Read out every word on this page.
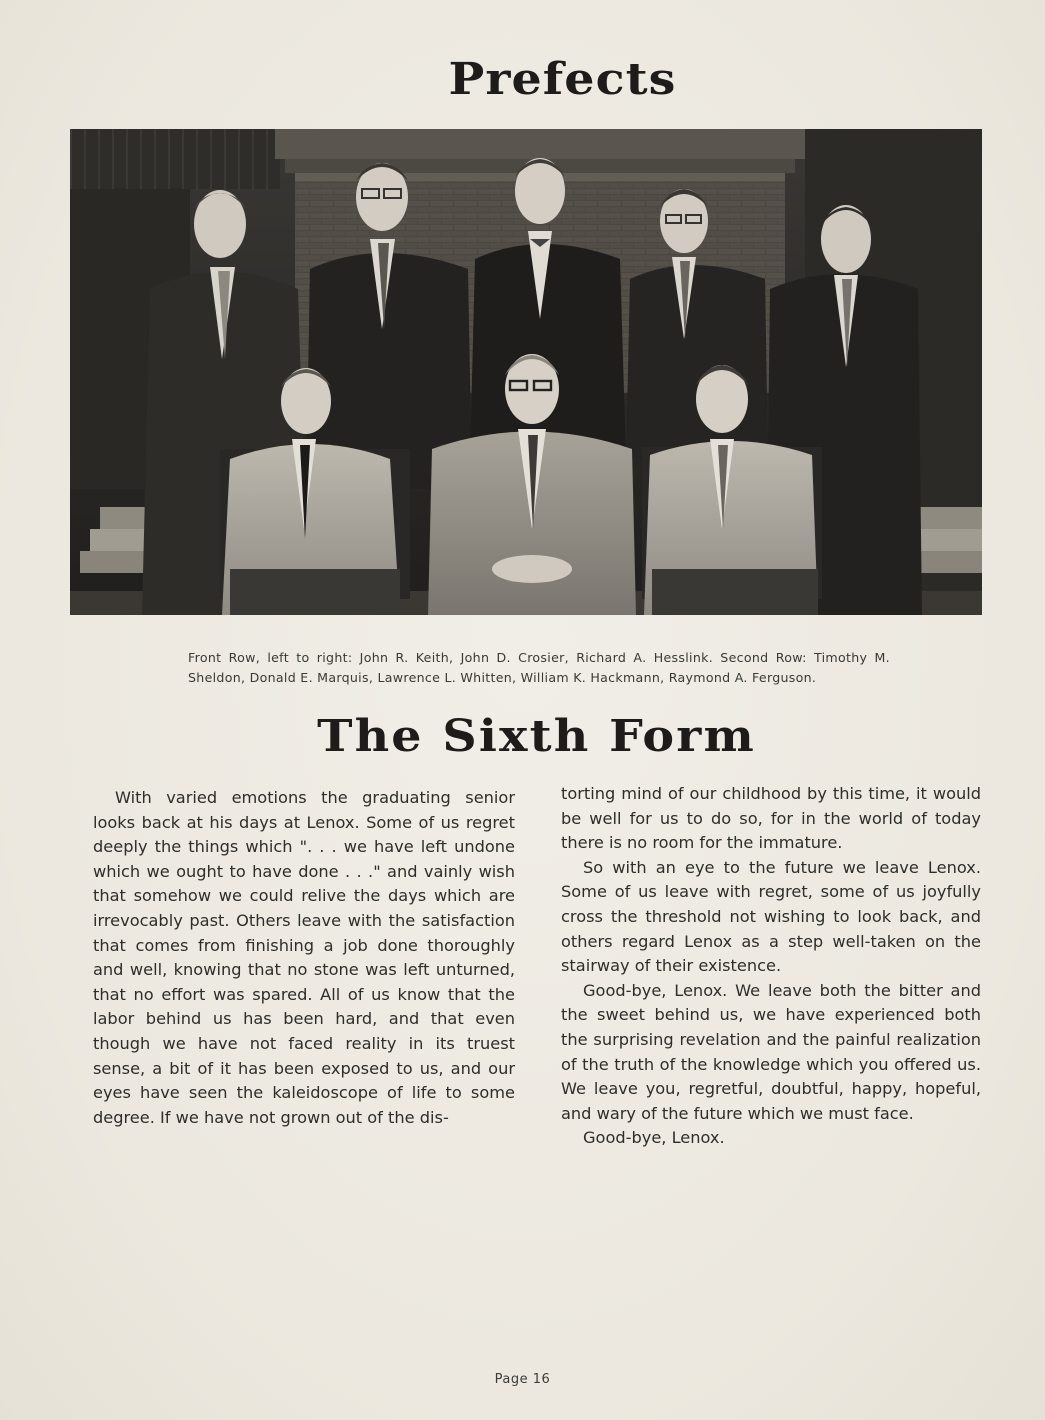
Prefects

Front Row, left to right: John R. Keith, John D. Crosier, Richard A. Hesslink. Second Row: Timothy M. Sheldon, Donald E. Marquis, Lawrence L. Whitten, William K. Hackmann, Raymond A. Ferguson.

The Sixth Form

With varied emotions the graduating senior looks back at his days at Lenox. Some of us regret deeply the things which ". . . we have left undone which we ought to have done . . ." and vainly wish that somehow we could relive the days which are irrevocably past. Others leave with the satisfaction that comes from finishing a job done thoroughly and well, knowing that no stone was left unturned, that no effort was spared. All of us know that the labor behind us has been hard, and that even though we have not faced reality in its truest sense, a bit of it has been exposed to us, and our eyes have seen the kaleidoscope of life to some degree. If we have not grown out of the dis-

torting mind of our childhood by this time, it would be well for us to do so, for in the world of today there is no room for the immature.

So with an eye to the future we leave Lenox. Some of us leave with regret, some of us joyfully cross the threshold not wishing to look back, and others regard Lenox as a step well-taken on the stairway of their existence.

Good-bye, Lenox. We leave both the bitter and the sweet behind us, we have experienced both the surprising revelation and the painful realization of the truth of the knowledge which you offered us. We leave you, regretful, doubtful, happy, hopeful, and wary of the future which we must face.

Good-bye, Lenox.

Page 16
